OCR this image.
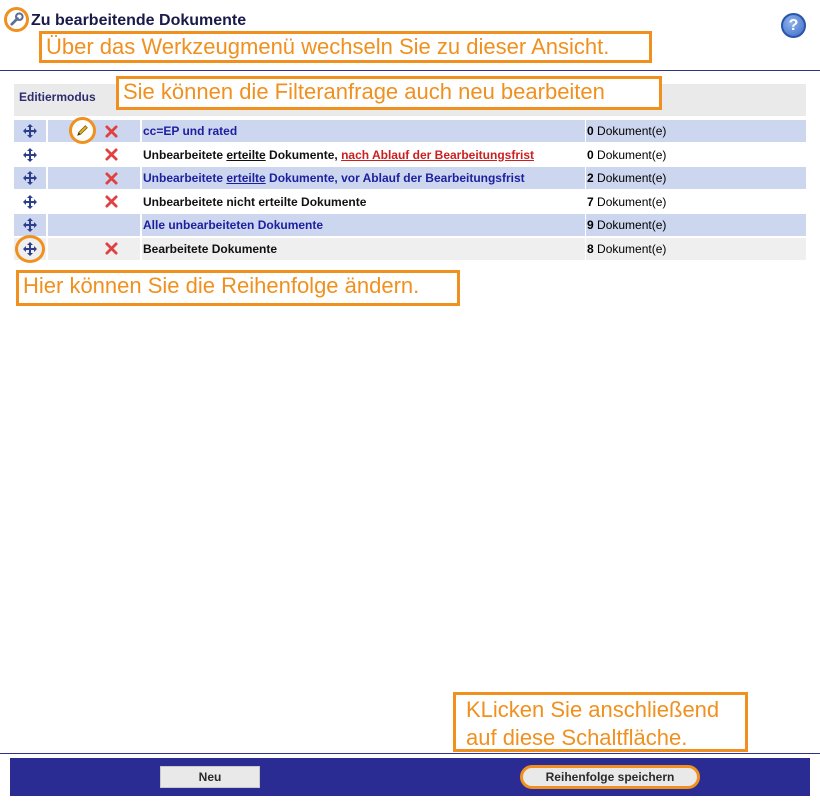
Zu bearbeitende Dokumente	?
Über das Werkzeugmenü wechseln Sie zu dieser Ansicht.
Editiermodus	Sie können die Filteranfrage auch neu bearbeiten
cc=EP und rated	0 Dokument(e)
Unbearbeitete erteilte Dokumente, nach Ablauf der Bearbeitungsfrist	0 Dokument(e)
Unbearbeitete erteilte Dokumente, vor Ablauf der Bearbeitungsfrist	2 Dokument(e)
Unbearbeitete nicht erteilte Dokumente	7 Dokument(e)
Alle unbearbeiteten Dokumente	9 Dokument(e)
Bearbeitete Dokumente	8 Dokument(e)
Hier können Sie die Reihenfolge ändern.
KLicken Sie anschließend auf diese Schaltfläche.
Neu	Reihenfolge speichern
